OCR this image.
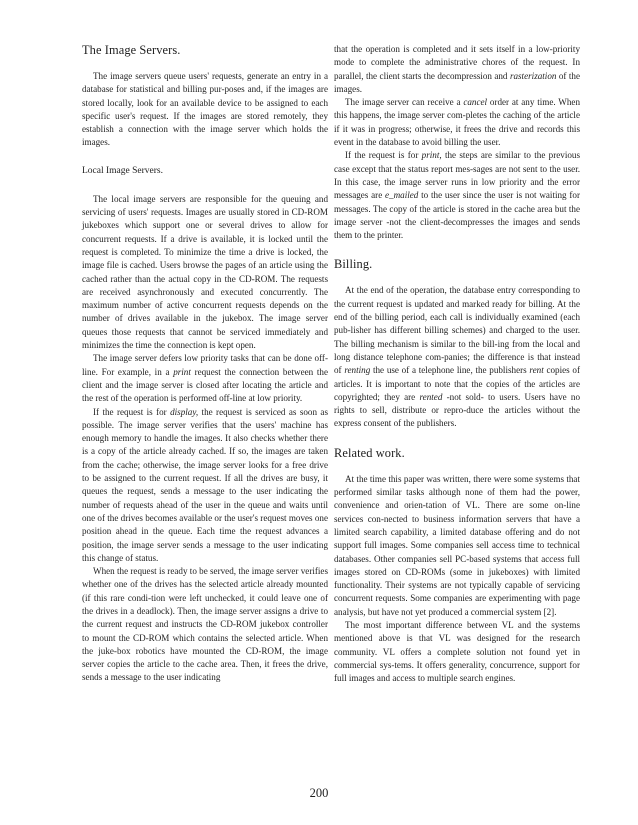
The Image Servers.

The image servers queue users' requests, generate an entry in a database for statistical and billing pur-poses and, if the images are stored locally, look for an available device to be assigned to each specific user's request. If the images are stored remotely, they establish a connection with the image server which holds the images.

Local Image Servers.

The local image servers are responsible for the queuing and servicing of users' requests. Images are usually stored in CD-ROM jukeboxes which support one or several drives to allow for concurrent requests. If a drive is available, it is locked until the request is completed. To minimize the time a drive is locked, the image file is cached. Users browse the pages of an article using the cached rather than the actual copy in the CD-ROM. The requests are received asynchronously and executed concurrently. The maximum number of active concurrent requests depends on the number of drives available in the jukebox. The image server queues those requests that cannot be serviced immediately and minimizes the time the connection is kept open.

The image server defers low priority tasks that can be done off-line. For example, in a print request the connection between the client and the image server is closed after locating the article and the rest of the operation is performed off-line at low priority.

If the request is for display, the request is serviced as soon as possible. The image server verifies that the users' machine has enough memory to handle the images. It also checks whether there is a copy of the article already cached. If so, the images are taken from the cache; otherwise, the image server looks for a free drive to be assigned to the current request. If all the drives are busy, it queues the request, sends a message to the user indicating the number of requests ahead of the user in the queue and waits until one of the drives becomes available or the user's request moves one position ahead in the queue. Each time the request advances a position, the image server sends a message to the user indicating this change of status.

When the request is ready to be served, the image server verifies whether one of the drives has the selected article already mounted (if this rare condi-tion were left unchecked, it could leave one of the drives in a deadlock). Then, the image server assigns a drive to the current request and instructs the CD-ROM jukebox controller to mount the CD-ROM which contains the selected article. When the juke-box robotics have mounted the CD-ROM, the image server copies the article to the cache area. Then, it frees the drive, sends a message to the user indicating

that the operation is completed and it sets itself in a low-priority mode to complete the administrative chores of the request. In parallel, the client starts the decompression and rasterization of the images.

The image server can receive a cancel order at any time. When this happens, the image server com-pletes the caching of the article if it was in progress; otherwise, it frees the drive and records this event in the database to avoid billing the user.

If the request is for print, the steps are similar to the previous case except that the status report mes-sages are not sent to the user. In this case, the image server runs in low priority and the error messages are e_mailed to the user since the user is not waiting for messages. The copy of the article is stored in the cache area but the image server -not the client-decompresses the images and sends them to the printer.

Billing.

At the end of the operation, the database entry corresponding to the current request is updated and marked ready for billing. At the end of the billing period, each call is individually examined (each pub-lisher has different billing schemes) and charged to the user. The billing mechanism is similar to the bill-ing from the local and long distance telephone com-panies; the difference is that instead of renting the use of a telephone line, the publishers rent copies of articles. It is important to note that the copies of the articles are copyrighted; they are rented -not sold- to users. Users have no rights to sell, distribute or repro-duce the articles without the express consent of the publishers.

Related work.

At the time this paper was written, there were some systems that performed similar tasks although none of them had the power, convenience and orien-tation of VL. There are some on-line services con-nected to business information servers that have a limited search capability, a limited database offering and do not support full images. Some companies sell access time to technical databases. Other companies sell PC-based systems that access full images stored on CD-ROMs (some in jukeboxes) with limited functionality. Their systems are not typically capable of servicing concurrent requests. Some companies are experimenting with page analysis, but have not yet produced a commercial system [2].

The most important difference between VL and the systems mentioned above is that VL was designed for the research community. VL offers a complete solution not found yet in commercial sys-tems. It offers generality, concurrence, support for full images and access to multiple search engines.

200
